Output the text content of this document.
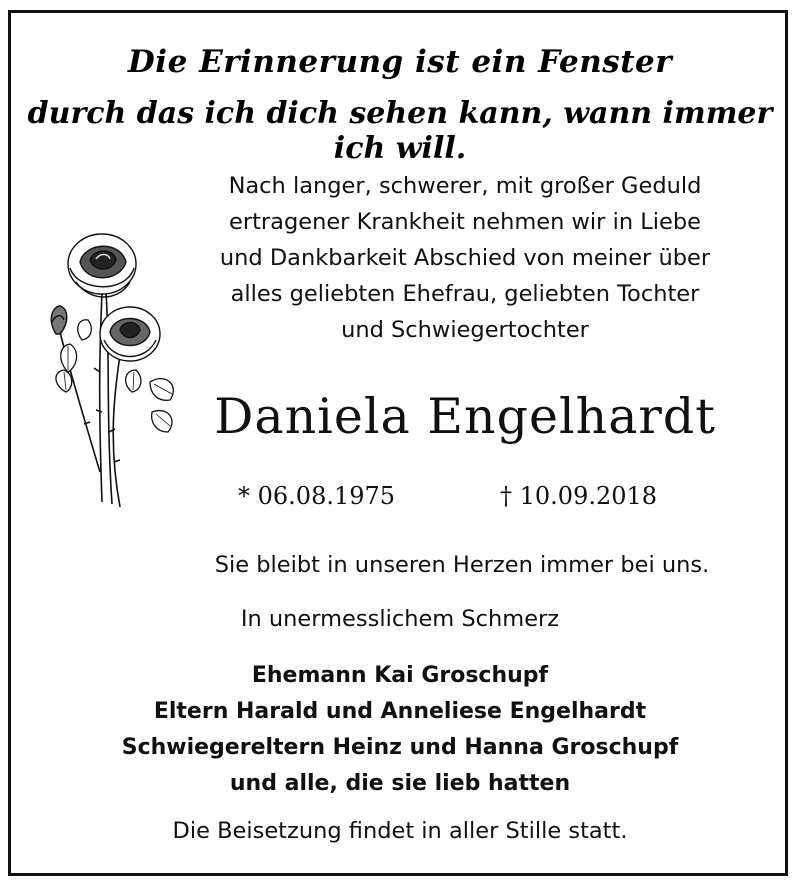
Die Erinnerung ist ein Fenster
durch das ich dich sehen kann, wann immer ich will.
Nach langer, schwerer, mit großer Geduld
ertragener Krankheit nehmen wir in Liebe
und Dankbarkeit Abschied von meiner über
alles geliebten Ehefrau, geliebten Tochter
und Schwiegertochter
Daniela Engelhardt
* 06.08.1975	† 10.09.2018
Sie bleibt in unseren Herzen immer bei uns.
In unermesslichem Schmerz
Ehemann Kai Groschupf
Eltern Harald und Anneliese Engelhardt
Schwiegereltern Heinz und Hanna Groschupf
und alle, die sie lieb hatten
Die Beisetzung findet in aller Stille statt.
